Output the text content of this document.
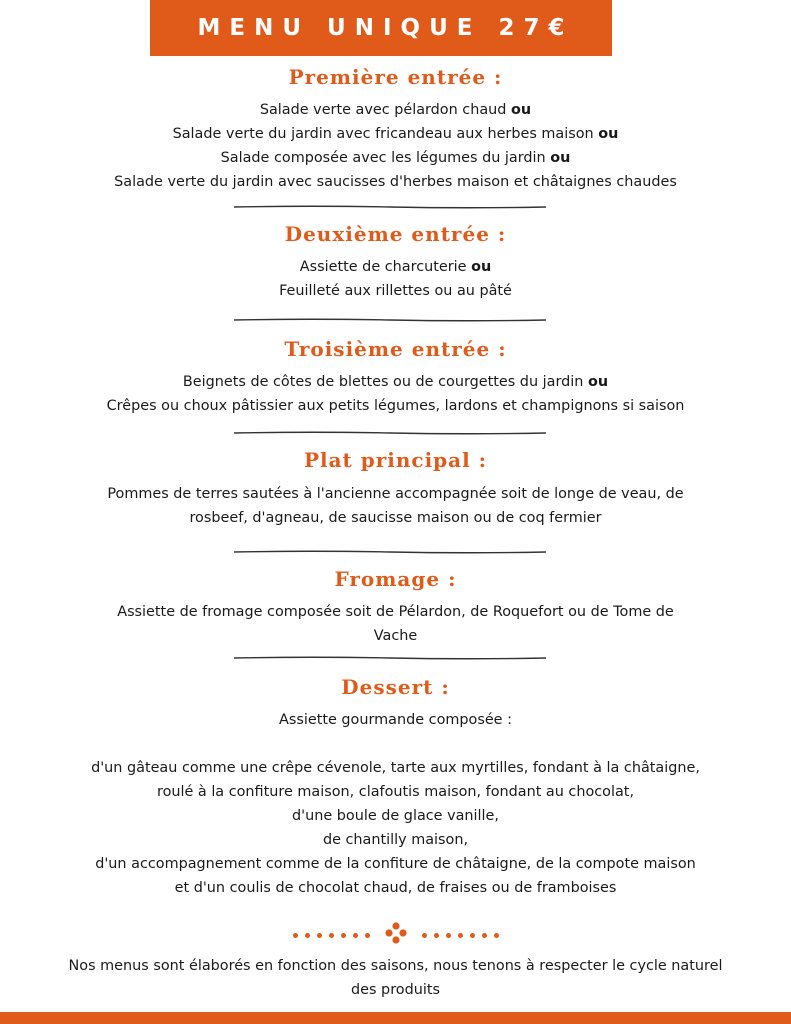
MENU UNIQUE 27€

Première entrée :

Salade verte avec pélardon chaud ou

Salade verte du jardin avec fricandeau aux herbes maison ou

Salade composée avec les légumes du jardin ou

Salade verte du jardin avec saucisses d'herbes maison et châtaignes chaudes

Deuxième entrée :

Assiette de charcuterie ou

Feuilleté aux rillettes ou au pâté

Troisième entrée :

Beignets de côtes de blettes ou de courgettes du jardin ou

Crêpes ou choux pâtissier aux petits légumes, lardons et champignons si saison

Plat principal :

Pommes de terres sautées à l'ancienne accompagnée soit de longe de veau, de

rosbeef, d'agneau, de saucisse maison ou de coq fermier

Fromage :

Assiette de fromage composée soit de Pélardon, de Roquefort ou de Tome de

Vache

Dessert :

Assiette gourmande composée :

d'un gâteau comme une crêpe cévenole, tarte aux myrtilles, fondant à la châtaigne,

roulé à la confiture maison, clafoutis maison, fondant au chocolat,

d'une boule de glace vanille,

de chantilly maison,

d'un accompagnement comme de la confiture de châtaigne, de la compote maison

et d'un coulis de chocolat chaud, de fraises ou de framboises

Nos menus sont élaborés en fonction des saisons, nous tenons à respecter le cycle naturel
des produits
